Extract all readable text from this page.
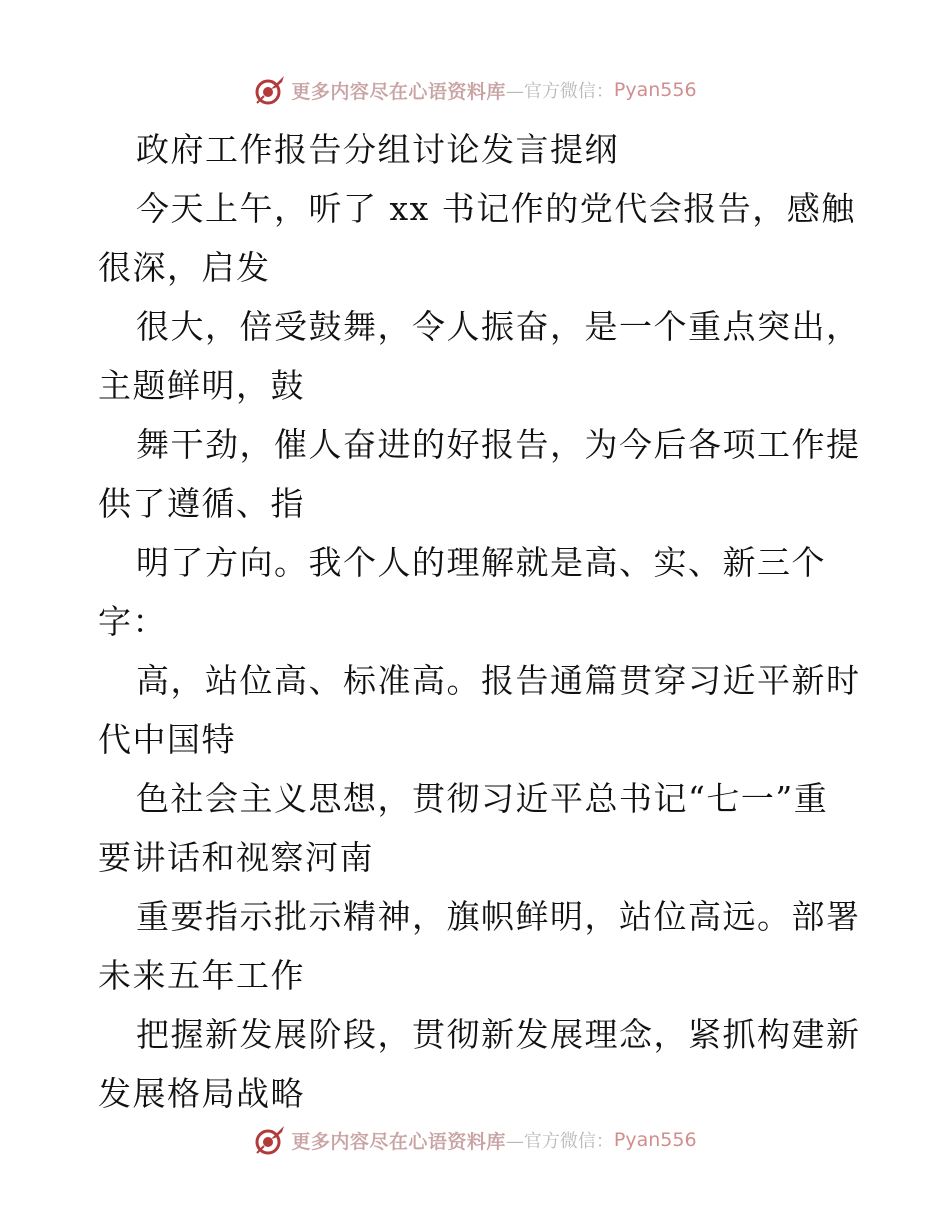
更多内容尽在心语资料库 —官方微信： Pyan556
政府工作报告分组讨论发言提纲
今天上午，听了 xx 书记作的党代会报告，感触
很深，启发
很大，倍受鼓舞，令人振奋，是一个重点突出，
主题鲜明，鼓
舞干劲，催人奋进的好报告，为今后各项工作提
供了遵循、指
明了方向。我个人的理解就是高、实、新三个
字：
高，站位高、标准高。报告通篇贯穿习近平新时
代中国特
色社会主义思想，贯彻习近平总书记“七一”重
要讲话和视察河南
重要指示批示精神，旗帜鲜明，站位高远。部署
未来五年工作
把握新发展阶段，贯彻新发展理念，紧抓构建新
发展格局战略
更多内容尽在心语资料库 —官方微信： Pyan556
